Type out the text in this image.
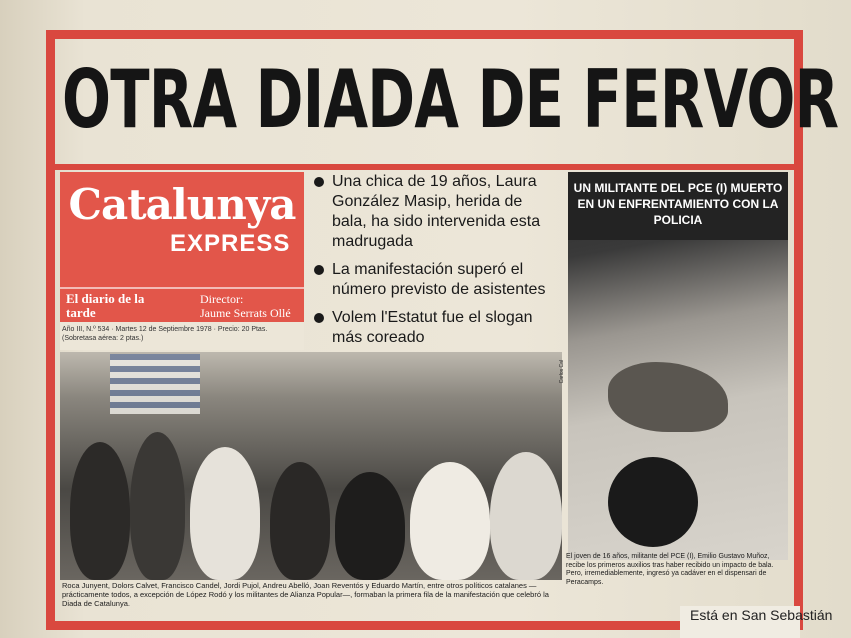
OTRA DIADA DE FERVOR
Catalunya
EXPRESS
El diario de la tarde
Director:
Jaume Serrats Ollé
Año III, N.º 534 · Martes 12 de Septiembre 1978 · Precio: 20 Ptas.
(Sobretasa aérea: 2 ptas.)
Una chica de 19 años, Laura González Masip, herida de bala, ha sido intervenida esta madrugada
La manifestación superó el número previsto de asistentes
Volem l'Estatut fue el slogan más coreado
Carlos Cal
Roca Junyent, Dolors Calvet, Francisco Candel, Jordi Pujol, Andreu Abelló, Joan Reventós y Eduardo Martín, entre otros políticos catalanes —prácticamente todos, a excepción de López Rodó y los militantes de Alianza Popular—, formaban la primera fila de la manifestación que celebró la Diada de Catalunya.
UN MILITANTE DEL PCE (I) MUERTO EN UN ENFRENTAMIENTO CON LA POLICIA
El joven de 16 años, militante del PCE (I), Emilio Gustavo Muñoz, recibe los primeros auxilios tras haber recibido un impacto de bala. Pero, irremediablemente, ingresó ya cadáver en el dispensari de Peracamps.
Está en San Sebastián
